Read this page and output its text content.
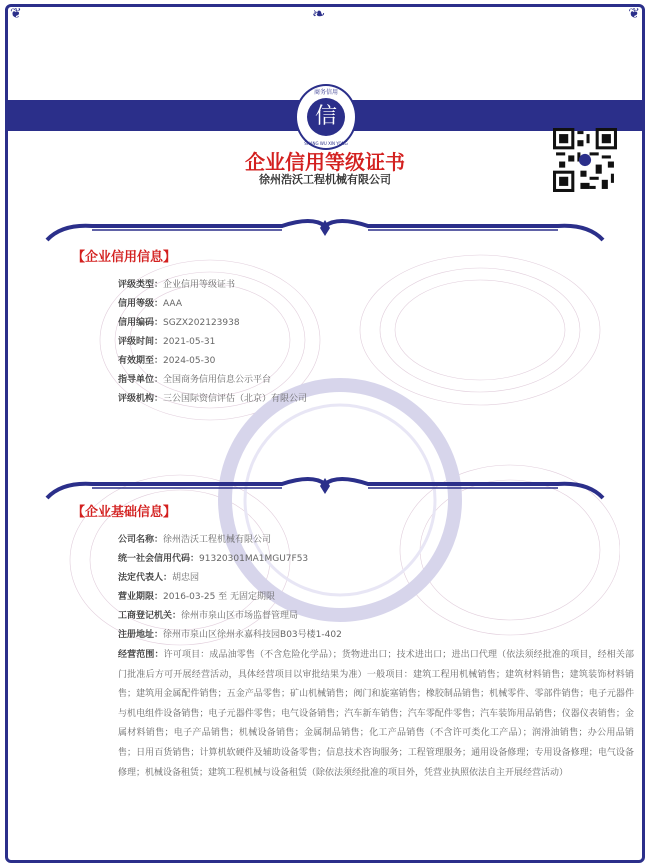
❦	❦
❧
商务信用
信
SHANG WU XIN YONG
企业信用等级证书
徐州浩沃工程机械有限公司
【企业信用信息】
评级类型：企业信用等级证书
信用等级：AAA
信用编码：SGZX202123938
评级时间：2021-05-31
有效期至：2024-05-30
指导单位：全国商务信用信息公示平台
评级机构：三公国际资信评估（北京）有限公司
【企业基础信息】
公司名称：徐州浩沃工程机械有限公司
统一社会信用代码：91320301MA1MGU7F53
法定代表人：胡忠园
营业期限：2016-03-25 至 无固定期限
工商登记机关：徐州市泉山区市场监督管理局
注册地址：徐州市泉山区徐州永嘉科技园B03号楼1-402
经营范围：许可项目：成品油零售（不含危险化学品）；货物进出口；技术进出口；进出口代理（依法须经批准的项目，经相关部门批准后方可开展经营活动，具体经营项目以审批结果为准）一般项目：建筑工程用机械销售；建筑材料销售；建筑装饰材料销售；建筑用金属配件销售；五金产品零售；矿山机械销售；阀门和旋塞销售；橡胶制品销售；机械零件、零部件销售；电子元器件与机电组件设备销售；电子元器件零售；电气设备销售；汽车新车销售；汽车零配件零售；汽车装饰用品销售；仪器仪表销售；金属材料销售；电子产品销售；机械设备销售；金属制品销售；化工产品销售（不含许可类化工产品）；润滑油销售；办公用品销售；日用百货销售；计算机软硬件及辅助设备零售；信息技术咨询服务；工程管理服务；通用设备修理；专用设备修理；电气设备修理；机械设备租赁；建筑工程机械与设备租赁（除依法须经批准的项目外，凭营业执照依法自主开展经营活动）
